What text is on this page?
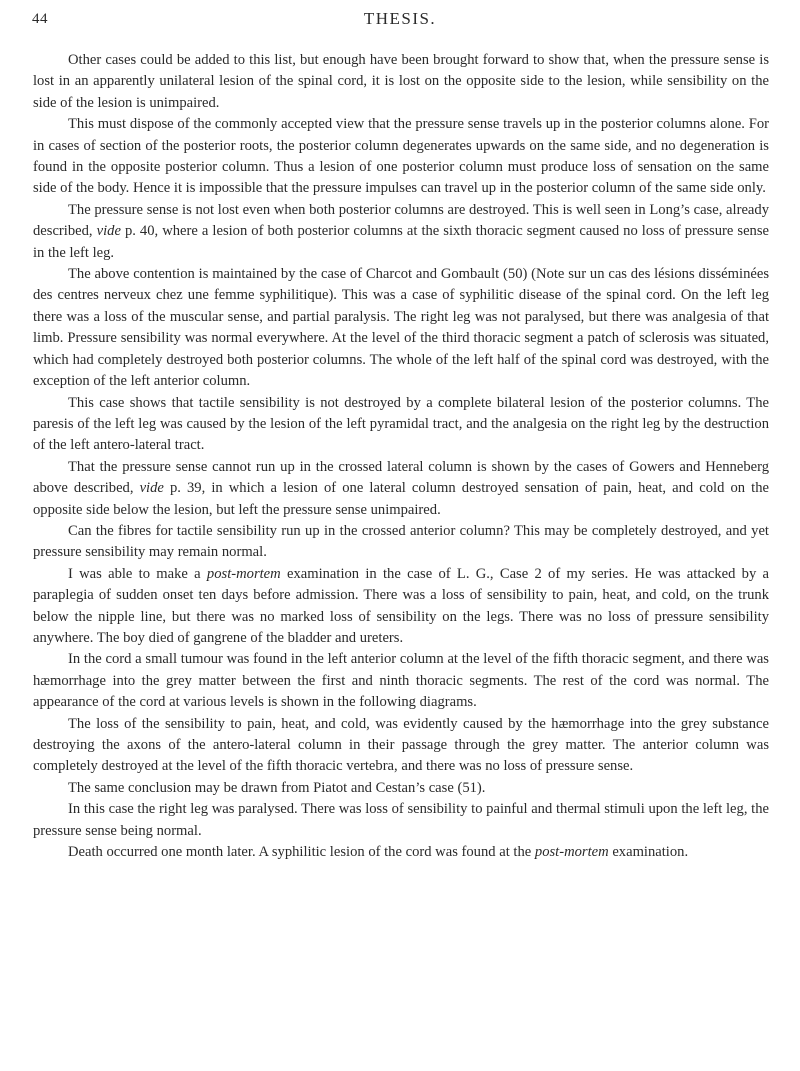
44	THESIS.

Other cases could be added to this list, but enough have been brought forward to show that, when the pressure sense is lost in an apparently unilateral lesion of the spinal cord, it is lost on the opposite side to the lesion, while sensibility on the side of the lesion is unimpaired.

This must dispose of the commonly accepted view that the pressure sense travels up in the posterior columns alone. For in cases of section of the posterior roots, the posterior column degenerates upwards on the same side, and no degeneration is found in the opposite posterior column. Thus a lesion of one posterior column must produce loss of sensation on the same side of the body. Hence it is impossible that the pressure impulses can travel up in the posterior column of the same side only.

The pressure sense is not lost even when both posterior columns are destroyed. This is well seen in Long’s case, already described, vide p. 40, where a lesion of both posterior columns at the sixth thoracic segment caused no loss of pressure sense in the left leg.

The above contention is maintained by the case of Charcot and Gombault (50) (Note sur un cas des lésions disséminées des centres nerveux chez une femme syphilitique). This was a case of syphilitic disease of the spinal cord. On the left leg there was a loss of the muscular sense, and partial paralysis. The right leg was not paralysed, but there was analgesia of that limb. Pressure sensibility was normal everywhere. At the level of the third thoracic segment a patch of sclerosis was situated, which had completely destroyed both posterior columns. The whole of the left half of the spinal cord was destroyed, with the exception of the left anterior column.

This case shows that tactile sensibility is not destroyed by a complete bilateral lesion of the posterior columns. The paresis of the left leg was caused by the lesion of the left pyramidal tract, and the analgesia on the right leg by the destruction of the left antero-lateral tract.

That the pressure sense cannot run up in the crossed lateral column is shown by the cases of Gowers and Henneberg above described, vide p. 39, in which a lesion of one lateral column destroyed sensation of pain, heat, and cold on the opposite side below the lesion, but left the pressure sense unimpaired.

Can the fibres for tactile sensibility run up in the crossed anterior column? This may be completely destroyed, and yet pressure sensibility may remain normal.

I was able to make a post-mortem examination in the case of L. G., Case 2 of my series. He was attacked by a paraplegia of sudden onset ten days before admission. There was a loss of sensibility to pain, heat, and cold, on the trunk below the nipple line, but there was no marked loss of sensibility on the legs. There was no loss of pressure sensibility anywhere. The boy died of gangrene of the bladder and ureters.

In the cord a small tumour was found in the left anterior column at the level of the fifth thoracic segment, and there was hæmorrhage into the grey matter between the first and ninth thoracic segments. The rest of the cord was normal. The appearance of the cord at various levels is shown in the following diagrams.

The loss of the sensibility to pain, heat, and cold, was evidently caused by the hæmorrhage into the grey substance destroying the axons of the antero-lateral column in their passage through the grey matter. The anterior column was completely destroyed at the level of the fifth thoracic vertebra, and there was no loss of pressure sense.

The same conclusion may be drawn from Piatot and Cestan’s case (51).

In this case the right leg was paralysed. There was loss of sensibility to painful and thermal stimuli upon the left leg, the pressure sense being normal.

Death occurred one month later. A syphilitic lesion of the cord was found at the post-mortem examination.
